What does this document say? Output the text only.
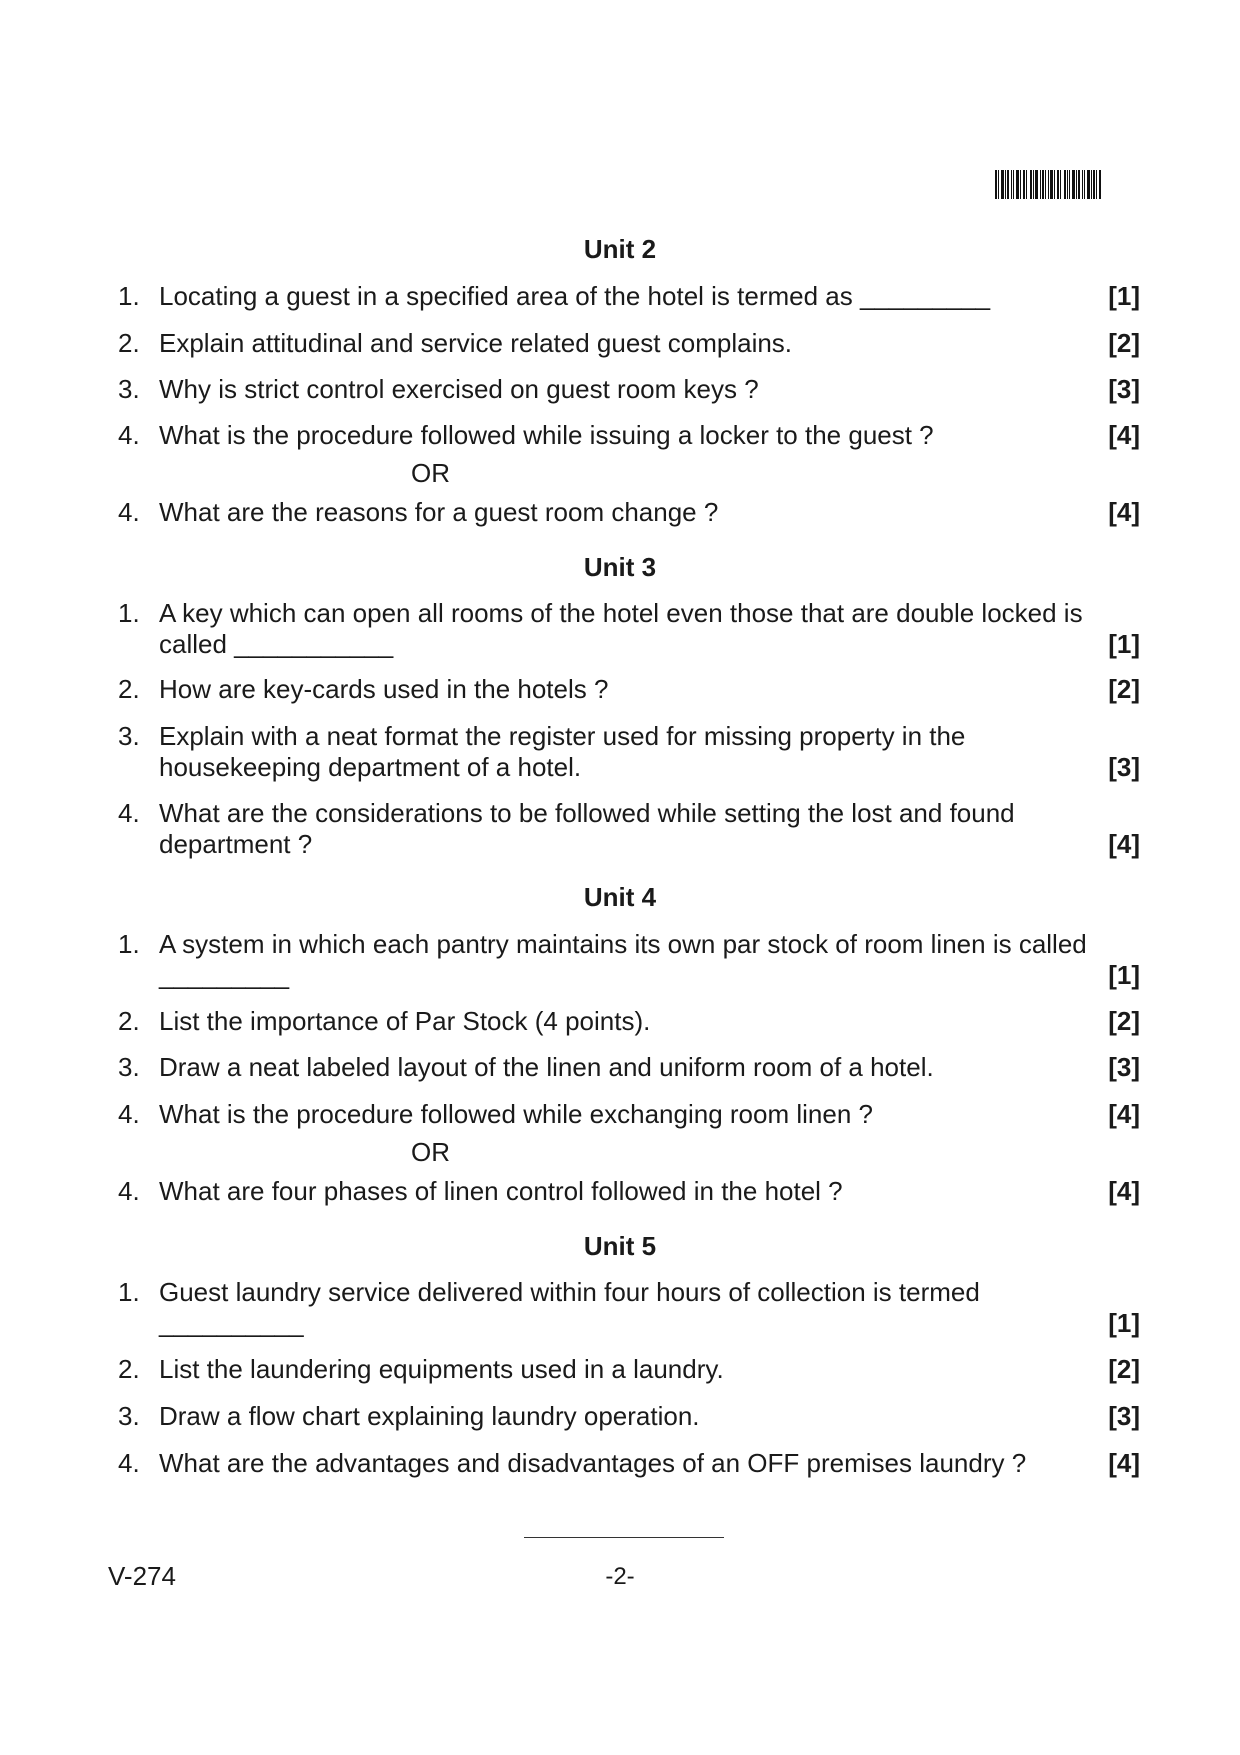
Unit 2
1. Locating a guest in a specified area of the hotel is termed as _________	[1]
2. Explain attitudinal and service related guest complains.	[2]
3. Why is strict control exercised on guest room keys ?	[3]
4. What is the procedure followed while issuing a locker to the guest ?	[4]
OR
4. What are the reasons for a guest room change ?	[4]
Unit 3
1. A key which can open all rooms of the hotel even those that are double locked is called ___________	[1]
2. How are key-cards used in the hotels ?	[2]
3. Explain with a neat format the register used for missing property in the housekeeping department of a hotel.	[3]
4. What are the considerations to be followed while setting the lost and found department ?	[4]
Unit 4
1. A system in which each pantry maintains its own par stock of room linen is called _________	[1]
2. List the importance of Par Stock (4 points).	[2]
3. Draw a neat labeled layout of the linen and uniform room of a hotel.	[3]
4. What is the procedure followed while exchanging room linen ?	[4]
OR
4. What are four phases of linen control followed in the hotel ?	[4]
Unit 5
1. Guest laundry service delivered within four hours of collection is termed __________	[1]
2. List the laundering equipments used in a laundry.	[2]
3. Draw a flow chart explaining laundry operation.	[3]
4. What are the advantages and disadvantages of an OFF premises laundry ?	[4]
V-274	-2-
